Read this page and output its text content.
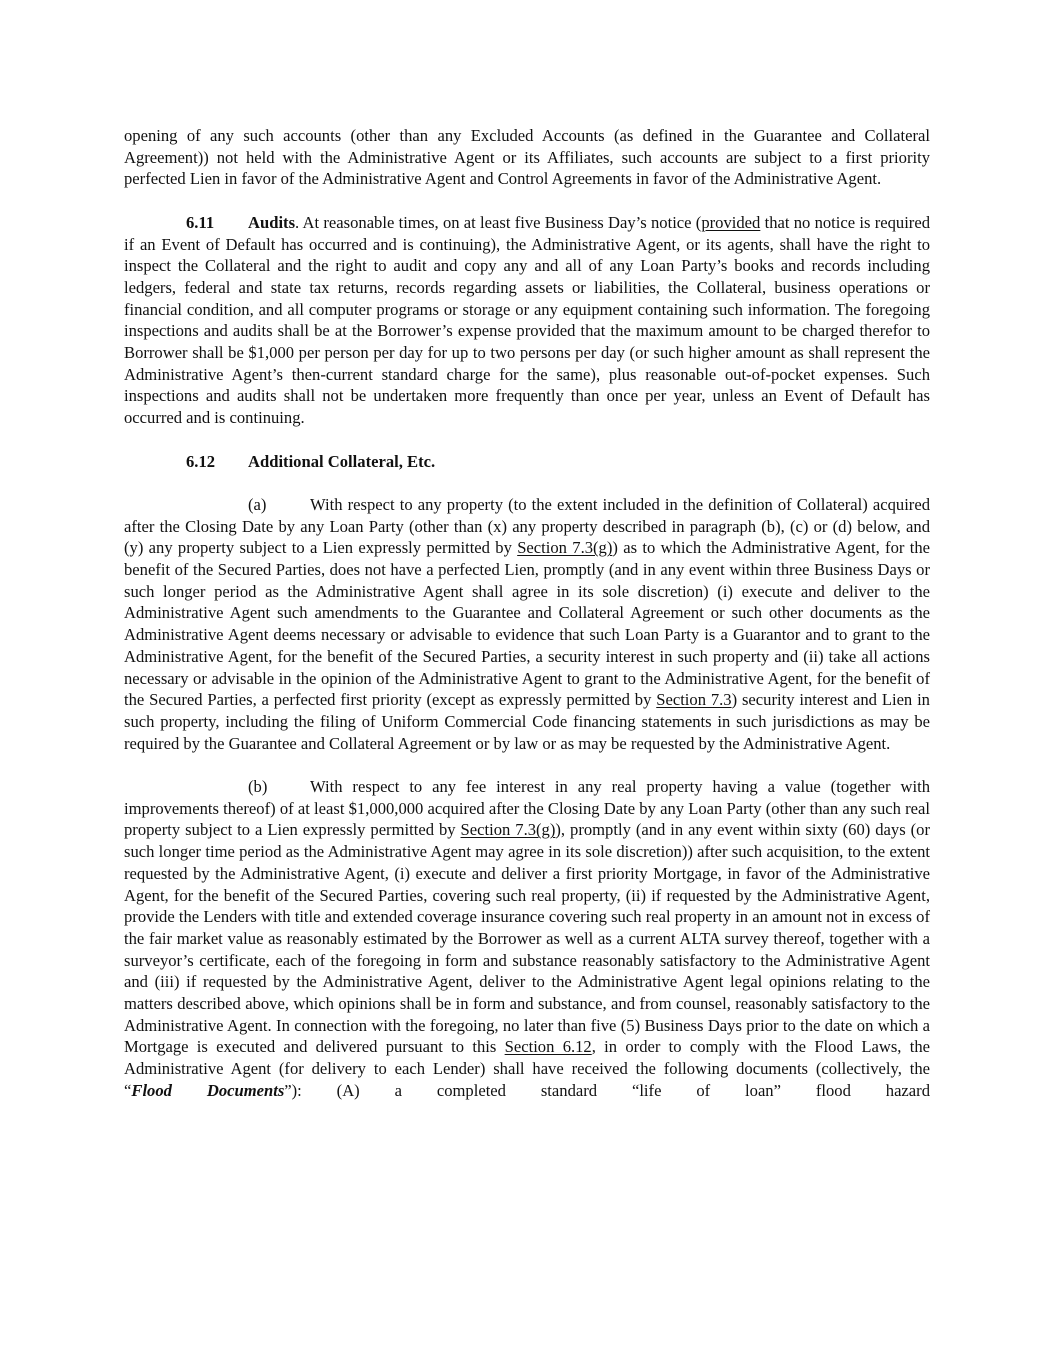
opening of any such accounts (other than any Excluded Accounts (as defined in the Guarantee and Collateral Agreement)) not held with the Administrative Agent or its Affiliates, such accounts are subject to a first priority perfected Lien in favor of the Administrative Agent and Control Agreements in favor of the Administrative Agent.

6.11 Audits. At reasonable times, on at least five Business Day’s notice (provided that no notice is required if an Event of Default has occurred and is continuing), the Administrative Agent, or its agents, shall have the right to inspect the Collateral and the right to audit and copy any and all of any Loan Party’s books and records including ledgers, federal and state tax returns, records regarding assets or liabilities, the Collateral, business operations or financial condition, and all computer programs or storage or any equipment containing such information. The foregoing inspections and audits shall be at the Borrower’s expense provided that the maximum amount to be charged therefor to Borrower shall be $1,000 per person per day for up to two persons per day (or such higher amount as shall represent the Administrative Agent’s then-current standard charge for the same), plus reasonable out-of-pocket expenses. Such inspections and audits shall not be undertaken more frequently than once per year, unless an Event of Default has occurred and is continuing.

6.12 Additional Collateral, Etc.

(a)	With respect to any property (to the extent included in the definition of Collateral) acquired after the Closing Date by any Loan Party (other than (x) any property described in paragraph (b), (c) or (d) below, and (y) any property subject to a Lien expressly permitted by Section 7.3(g)) as to which the Administrative Agent, for the benefit of the Secured Parties, does not have a perfected Lien, promptly (and in any event within three Business Days or such longer period as the Administrative Agent shall agree in its sole discretion) (i) execute and deliver to the Administrative Agent such amendments to the Guarantee and Collateral Agreement or such other documents as the Administrative Agent deems necessary or advisable to evidence that such Loan Party is a Guarantor and to grant to the Administrative Agent, for the benefit of the Secured Parties, a security interest in such property and (ii) take all actions necessary or advisable in the opinion of the Administrative Agent to grant to the Administrative Agent, for the benefit of the Secured Parties, a perfected first priority (except as expressly permitted by Section 7.3) security interest and Lien in such property, including the filing of Uniform Commercial Code financing statements in such jurisdictions as may be required by the Guarantee and Collateral Agreement or by law or as may be requested by the Administrative Agent.

(b)	With respect to any fee interest in any real property having a value (together with improvements thereof) of at least $1,000,000 acquired after the Closing Date by any Loan Party (other than any such real property subject to a Lien expressly permitted by Section 7.3(g)), promptly (and in any event within sixty (60) days (or such longer time period as the Administrative Agent may agree in its sole discretion)) after such acquisition, to the extent requested by the Administrative Agent, (i) execute and deliver a first priority Mortgage, in favor of the Administrative Agent, for the benefit of the Secured Parties, covering such real property, (ii) if requested by the Administrative Agent, provide the Lenders with title and extended coverage insurance covering such real property in an amount not in excess of the fair market value as reasonably estimated by the Borrower as well as a current ALTA survey thereof, together with a surveyor’s certificate, each of the foregoing in form and substance reasonably satisfactory to the Administrative Agent and (iii) if requested by the Administrative Agent, deliver to the Administrative Agent legal opinions relating to the matters described above, which opinions shall be in form and substance, and from counsel, reasonably satisfactory to the Administrative Agent. In connection with the foregoing, no later than five (5) Business Days prior to the date on which a Mortgage is executed and delivered pursuant to this Section 6.12, in order to comply with the Flood Laws, the Administrative Agent (for delivery to each Lender) shall have received the following documents (collectively, the “Flood Documents”): (A) a completed standard “life of loan” flood hazard
